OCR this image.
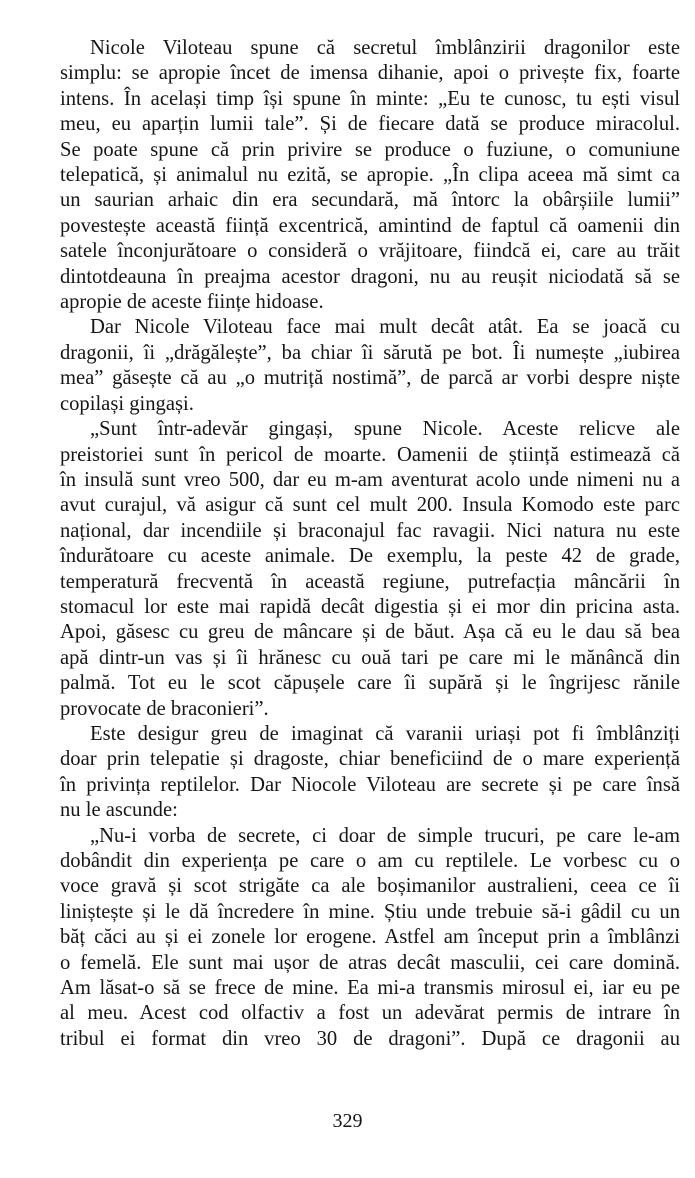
Nicole Viloteau spune că secretul îmblânzirii dragonilor este
simplu: se apropie încet de imensa dihanie, apoi o privește fix, foarte
intens. În același timp își spune în minte: „Eu te cunosc, tu ești visul
meu, eu aparțin lumii tale”. Și de fiecare dată se produce miracolul.
Se poate spune că prin privire se produce o fuziune, o comuniune
telepatică, și animalul nu ezită, se apropie. „În clipa aceea mă simt ca
un saurian arhaic din era secundară, mă întorc la obârșiile lumii”
povestește această ființă excentrică, amintind de faptul că oamenii din
satele înconjurătoare o consideră o vrăjitoare, fiindcă ei, care au trăit
dintotdeauna în preajma acestor dragoni, nu au reușit niciodată să se
apropie de aceste ființe hidoase.

Dar Nicole Viloteau face mai mult decât atât. Ea se joacă cu
dragonii, îi „drăgălește”, ba chiar îi sărută pe bot. Îi numește „iubirea
mea” găsește că au „o mutriță nostimă”, de parcă ar vorbi despre niște
copilași gingași.

„Sunt într-adevăr gingași, spune Nicole. Aceste relicve ale
preistoriei sunt în pericol de moarte. Oamenii de știință estimează că
în insulă sunt vreo 500, dar eu m-am aventurat acolo unde nimeni nu a
avut curajul, vă asigur că sunt cel mult 200. Insula Komodo este parc
național, dar incendiile și braconajul fac ravagii. Nici natura nu este
îndurătoare cu aceste animale. De exemplu, la peste 42 de grade,
temperatură frecventă în această regiune, putrefacția mâncării în
stomacul lor este mai rapidă decât digestia și ei mor din pricina asta.
Apoi, găsesc cu greu de mâncare și de băut. Așa că eu le dau să bea
apă dintr-un vas și îi hrănesc cu ouă tari pe care mi le mănâncă din
palmă. Tot eu le scot căpușele care îi supără și le îngrijesc rănile
provocate de braconieri”.

Este desigur greu de imaginat că varanii uriași pot fi îmblânziți
doar prin telepatie și dragoste, chiar beneficiind de o mare experiență
în privința reptilelor. Dar Niocole Viloteau are secrete și pe care însă
nu le ascunde:

„Nu-i vorba de secrete, ci doar de simple trucuri, pe care le-am
dobândit din experiența pe care o am cu reptilele. Le vorbesc cu o
voce gravă și scot strigăte ca ale boșimanilor australieni, ceea ce îi
liniștește și le dă încredere în mine. Știu unde trebuie să-i gâdil cu un
băț căci au și ei zonele lor erogene. Astfel am început prin a îmblânzi
o femelă. Ele sunt mai ușor de atras decât masculii, cei care domină.
Am lăsat-o să se frece de mine. Ea mi-a transmis mirosul ei, iar eu pe
al meu. Acest cod olfactiv a fost un adevărat permis de intrare în
tribul ei format din vreo 30 de dragoni”. După ce dragonii au

329
